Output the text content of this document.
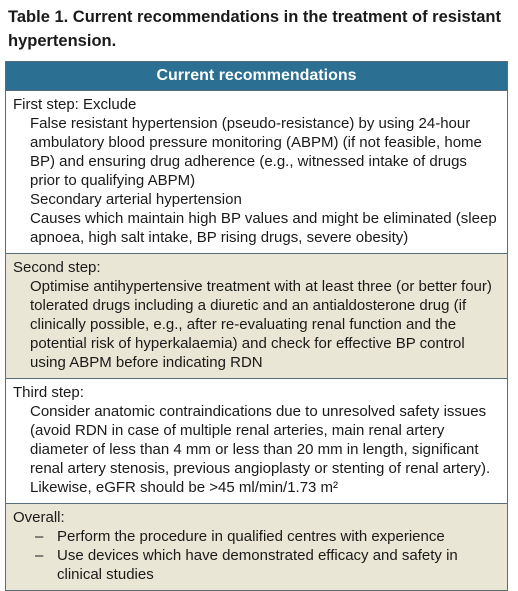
Table 1. Current recommendations in the treatment of resistant hypertension.
Current recommendations
First step: Exclude
False resistant hypertension (pseudo-resistance) by using 24-hour ambulatory blood pressure monitoring (ABPM) (if not feasible, home BP) and ensuring drug adherence (e.g., witnessed intake of drugs prior to qualifying ABPM)
Secondary arterial hypertension
Causes which maintain high BP values and might be eliminated (sleep apnoea, high salt intake, BP rising drugs, severe obesity)
Second step:
Optimise antihypertensive treatment with at least three (or better four) tolerated drugs including a diuretic and an antialdosterone drug (if clinically possible, e.g., after re-evaluating renal function and the potential risk of hyperkalaemia) and check for effective BP control using ABPM before indicating RDN
Third step:
Consider anatomic contraindications due to unresolved safety issues (avoid RDN in case of multiple renal arteries, main renal artery diameter of less than 4 mm or less than 20 mm in length, significant renal artery stenosis, previous angioplasty or stenting of renal artery). Likewise, eGFR should be >45 ml/min/1.73 m²
Overall:
– Perform the procedure in qualified centres with experience
– Use devices which have demonstrated efficacy and safety in clinical studies
